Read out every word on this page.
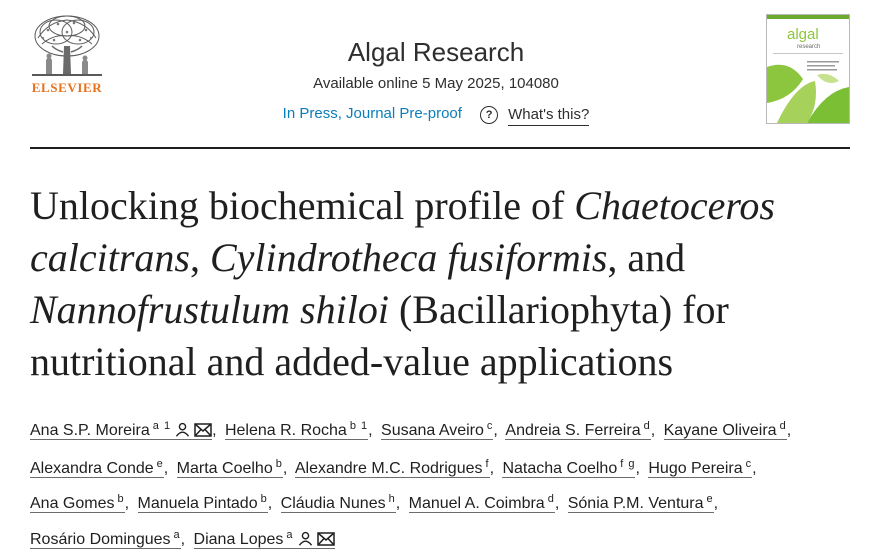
ELSEVIER
Algal Research
Available online 5 May 2025, 104080
In Press, Journal Pre-proof	?	What's this?
algal
research
Unlocking biochemical profile of Chaetoceros calcitrans, Cylindrotheca fusiformis, and Nannofrustulum shiloi (Bacillariophyta) for nutritional and added-value applications
Ana S.P. Moreira $^{a 1}$	, Helena R. Rocha $^{b 1}$, Susana Aveiro $^c$, Andreia S. Ferreira $^d$, Kayane Oliveira $^d$, Alexandra Conde $^e$, Marta Coelho $^b$, Alexandre M.C. Rodrigues $^f$, Natacha Coelho $^{f g}$, Hugo Pereira $^c$, Ana Gomes $^b$, Manuela Pintado $^b$, Cláudia Nunes $^h$, Manuel A. Coimbra $^d$, Sónia P.M. Ventura $^e$, Rosário Domingues $^a$, Diana Lopes $^a$
